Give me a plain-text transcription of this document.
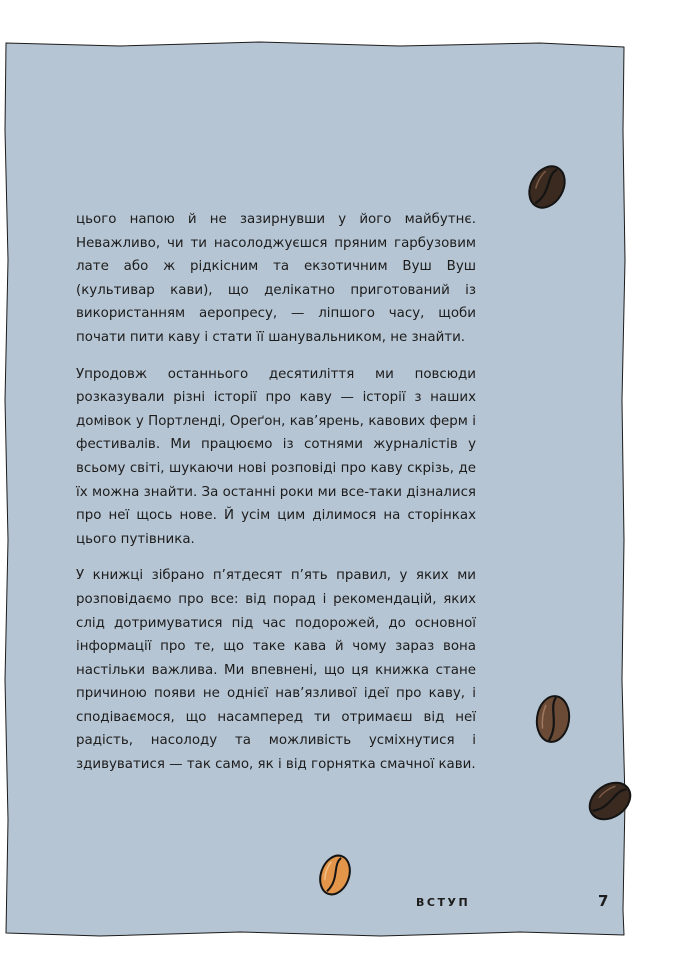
цього напою й не зазирнувши у його майбутнє. Неважливо, чи ти насолоджуєшся пряним гарбузовим лате або ж рідкісним та екзотичним Вуш Вуш (культивар кави), що делікатно приготований із використанням аеропресу, — ліпшого часу, щоби почати пити каву і стати її шанувальником, не знайти.

Упродовж останнього десятиліття ми повсюди розказували різні історії про каву — історії з наших домівок у Портленді, Ореґон, кав’ярень, кавових ферм і фестивалів. Ми працюємо із сотнями журналістів у всьому світі, шукаючи нові розповіді про каву скрізь, де їх можна знайти. За останні роки ми все-таки дізналися про неї щось нове. Й усім цим ділимося на сторінках цього путівника.

У книжці зібрано п’ятдесят п’ять правил, у яких ми розповідаємо про все: від порад і рекомендацій, яких слід дотримуватися під час подорожей, до основної інформації про те, що таке кава й чому зараз вона настільки важлива. Ми впевнені, що ця книжка стане причиною появи не однієї нав’язливої ідеї про каву, і сподіваємося, що насамперед ти отримаєш від неї радість, насолоду та можливість усміхнутися і здивуватися — так само, як і від горнятка смачної кави.

ВСТУП	7
